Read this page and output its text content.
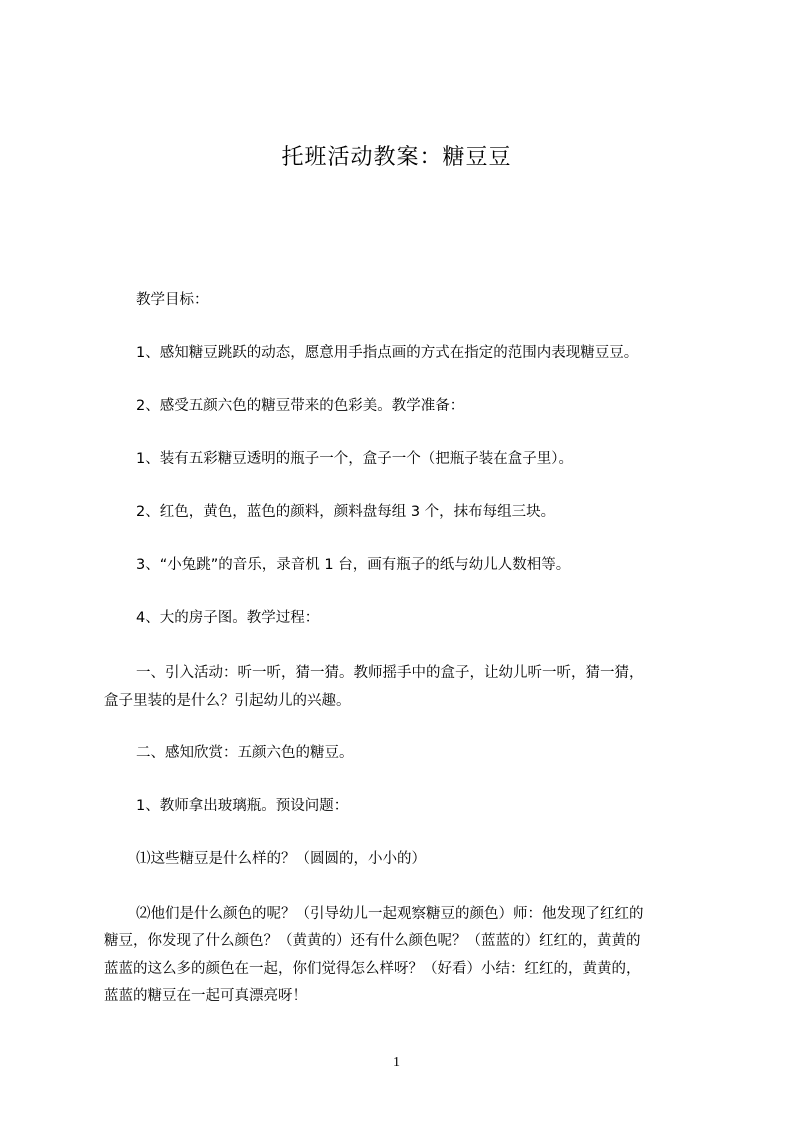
托班活动教案：糖豆豆
教学目标：
1、感知糖豆跳跃的动态，愿意用手指点画的方式在指定的范围内表现糖豆豆。
2、感受五颜六色的糖豆带来的色彩美。教学准备：
1、装有五彩糖豆透明的瓶子一个，盒子一个（把瓶子装在盒子里）。
2、红色，黄色，蓝色的颜料，颜料盘每组 3 个，抹布每组三块。
3、“小兔跳”的音乐，录音机 1 台，画有瓶子的纸与幼儿人数相等。
4、大的房子图。教学过程：
一、引入活动：听一听，猜一猜。教师摇手中的盒子，让幼儿听一听，猜一猜，
盒子里装的是什么？引起幼儿的兴趣。
二、感知欣赏：五颜六色的糖豆。
1、教师拿出玻璃瓶。预设问题：
⑴这些糖豆是什么样的？（圆圆的，小小的）
⑵他们是什么颜色的呢？（引导幼儿一起观察糖豆的颜色）师：他发现了红红的
糖豆，你发现了什么颜色？（黄黄的）还有什么颜色呢？（蓝蓝的）红红的，黄黄的
蓝蓝的这么多的颜色在一起，你们觉得怎么样呀？（好看）小结：红红的，黄黄的，
蓝蓝的糖豆在一起可真漂亮呀！
1
